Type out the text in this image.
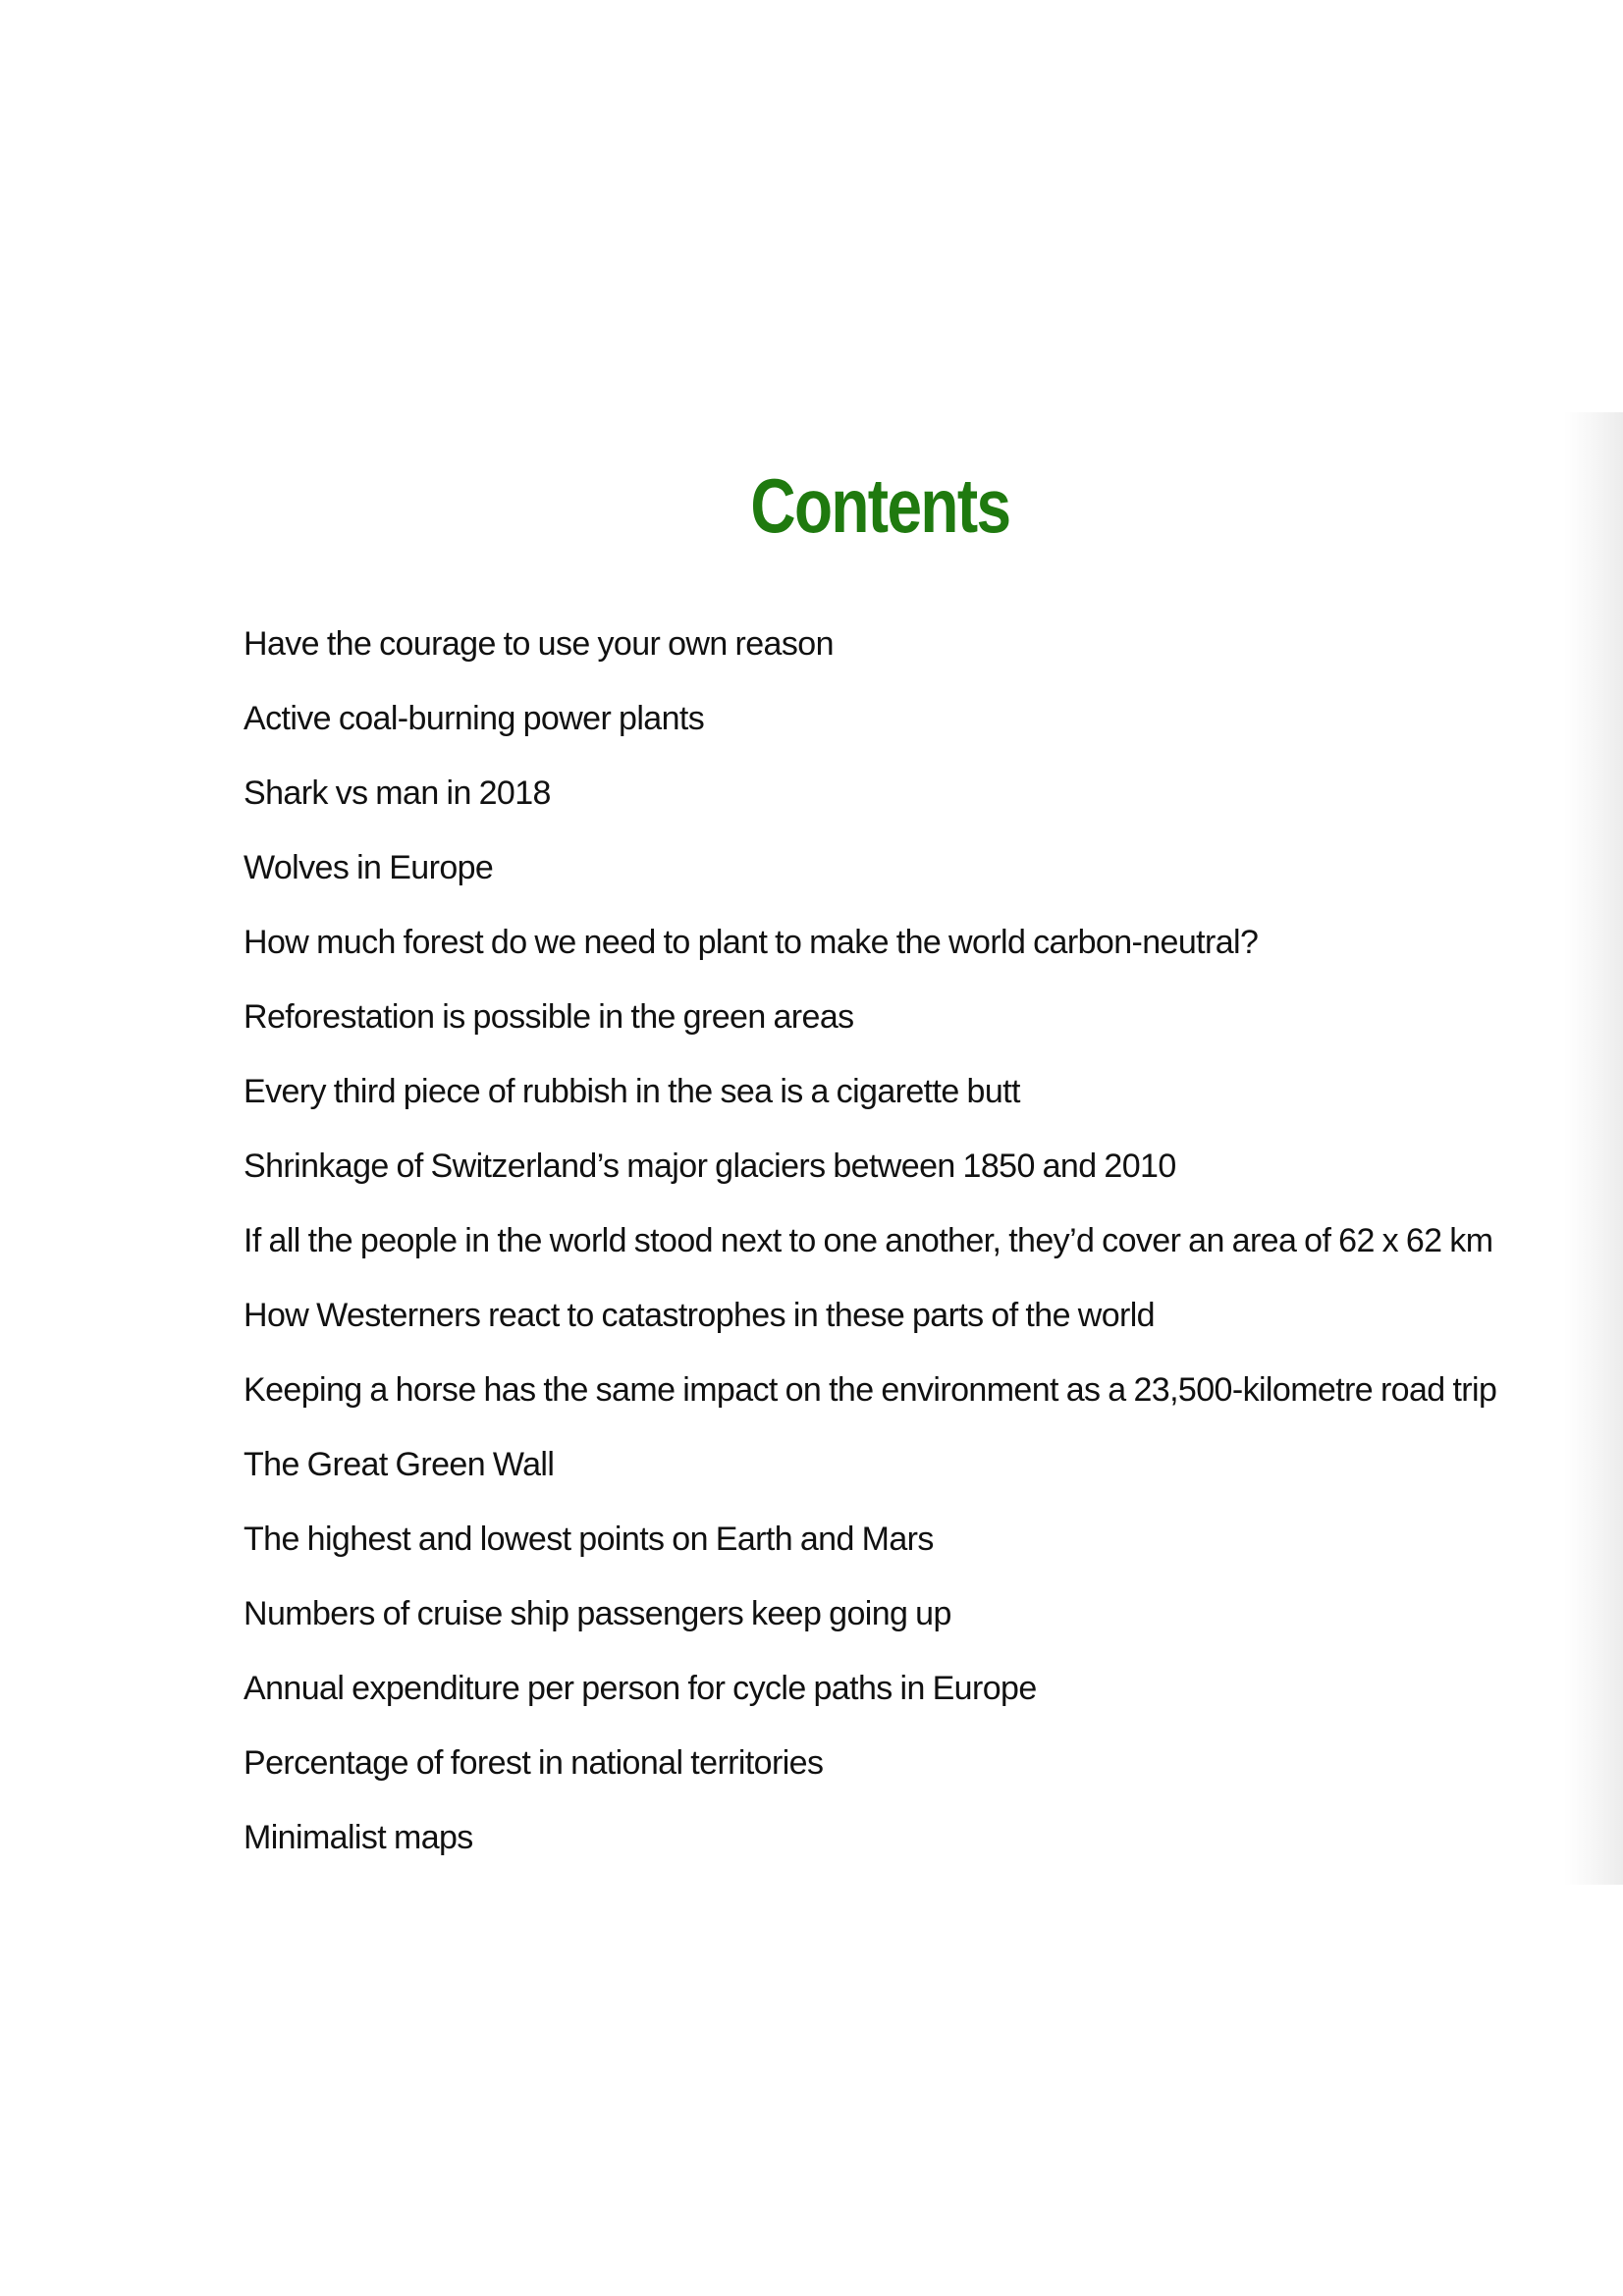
Contents
Have the courage to use your own reason
Active coal-burning power plants
Shark vs man in 2018
Wolves in Europe
How much forest do we need to plant to make the world carbon-neutral?
Reforestation is possible in the green areas
Every third piece of rubbish in the sea is a cigarette butt
Shrinkage of Switzerland’s major glaciers between 1850 and 2010
If all the people in the world stood next to one another, they’d cover an area of 62 x 62 km
How Westerners react to catastrophes in these parts of the world
Keeping a horse has the same impact on the environment as a 23,500-kilometre road trip
The Great Green Wall
The highest and lowest points on Earth and Mars
Numbers of cruise ship passengers keep going up
Annual expenditure per person for cycle paths in Europe
Percentage of forest in national territories
Minimalist maps
